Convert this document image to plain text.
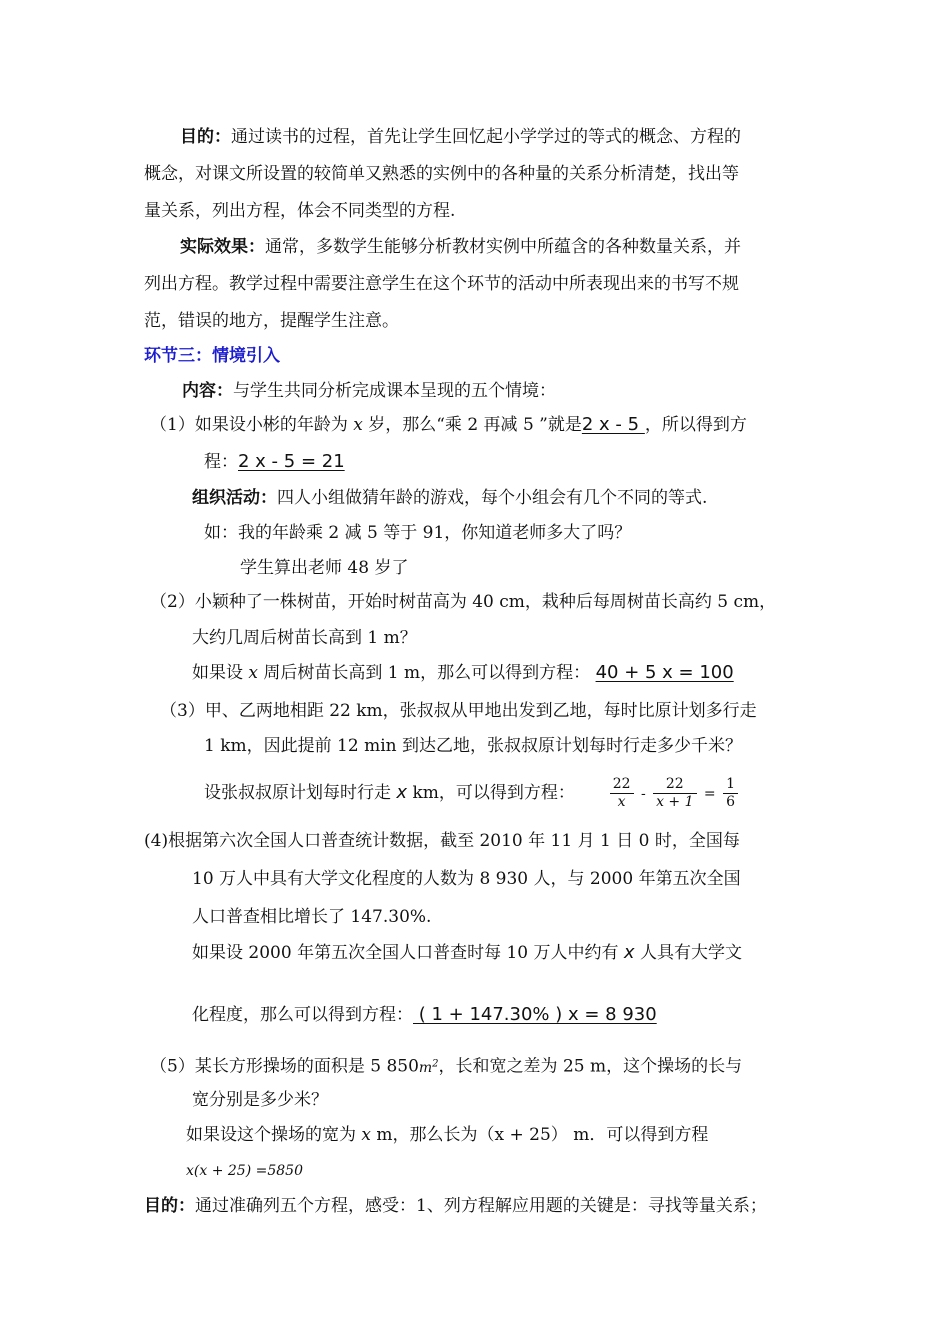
目的：通过读书的过程，首先让学生回忆起小学学过的等式的概念、方程的
概念，对课文所设置的较简单又熟悉的实例中的各种量的关系分析清楚，找出等
量关系，列出方程，体会不同类型的方程.
实际效果：通常，多数学生能够分析教材实例中所蕴含的各种数量关系，并
列出方程。教学过程中需要注意学生在这个环节的活动中所表现出来的书写不规
范，错误的地方，提醒学生注意。
环节三：情境引入
内容：与学生共同分析完成课本呈现的五个情境：
（1）如果设小彬的年龄为 x 岁，那么“乘 2 再减 5 ”就是2 x - 5 ，所以得到方
程：2 x - 5 = 21
组织活动：四人小组做猜年龄的游戏，每个小组会有几个不同的等式.
如：我的年龄乘 2 减 5 等于 91，你知道老师多大了吗？
学生算出老师 48 岁了
（2）小颖种了一株树苗，开始时树苗高为 40 cm，栽种后每周树苗长高约 5 cm，
大约几周后树苗长高到 1 m？
如果设 x 周后树苗长高到 1 m，那么可以得到方程： 40 + 5 x = 100
（3）甲、乙两地相距 22 km，张叔叔从甲地出发到乙地，每时比原计划多行走
1 km，因此提前 12 min 到达乙地，张叔叔原计划每时行走多少千米？
设张叔叔原计划每时行走 x km，可以得到方程： $\frac{22}{x} - \frac{22}{x + 1} = \frac{1}{6}$
(4)根据第六次全国人口普查统计数据，截至 2010 年 11 月 1 日 0 时，全国每
10 万人中具有大学文化程度的人数为 8 930 人，与 2000 年第五次全国
人口普查相比增长了 147.30%.
如果设 2000 年第五次全国人口普查时每 10 万人中约有 x 人具有大学文
化程度，那么可以得到方程： ( 1 + 147.30% ) x = 8 930
（5）某长方形操场的面积是 5 $850m^2$，长和宽之差为 25 m，这个操场的长与
宽分别是多少米？
如果设这个操场的宽为 x m，那么长为（x + 25） m．可以得到方程
x(x + 25) =5850
目的：通过准确列五个方程，感受：1、列方程解应用题的关键是：寻找等量关系；
